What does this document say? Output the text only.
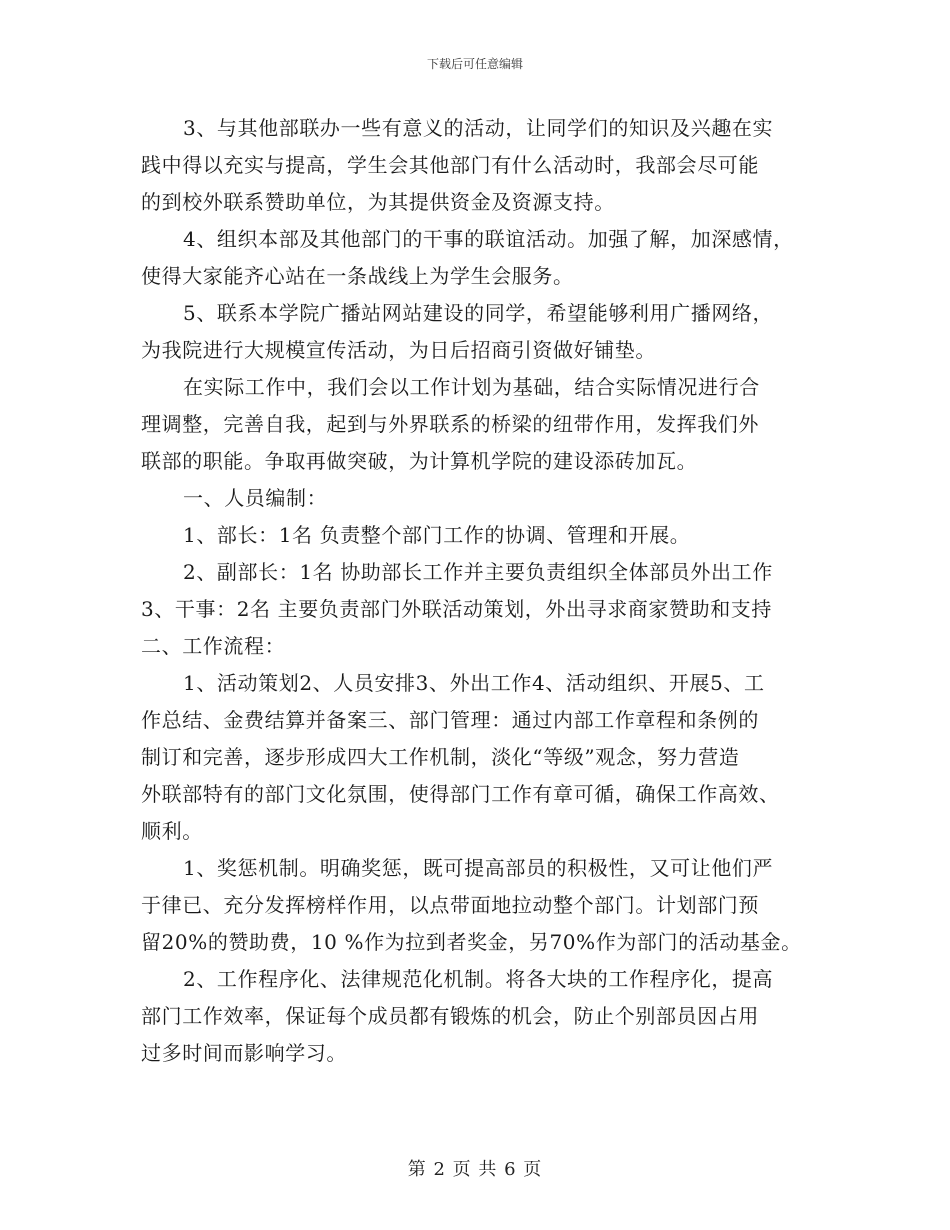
下载后可任意编辑
3、与其他部联办一些有意义的活动，让同学们的知识及兴趣在实
践中得以充实与提高，学生会其他部门有什么活动时，我部会尽可能
的到校外联系赞助单位，为其提供资金及资源支持。
4、组织本部及其他部门的干事的联谊活动。加强了解，加深感情，
使得大家能齐心站在一条战线上为学生会服务。
5、联系本学院广播站网站建设的同学，希望能够利用广播网络，
为我院进行大规模宣传活动，为日后招商引资做好铺垫。
在实际工作中，我们会以工作计划为基础，结合实际情况进行合
理调整，完善自我，起到与外界联系的桥梁的纽带作用，发挥我们外
联部的职能。争取再做突破，为计算机学院的建设添砖加瓦。
一、人员编制：
1、部长：1名 负责整个部门工作的协调、管理和开展。
2、副部长：1名 协助部长工作并主要负责组织全体部员外出工作
3、干事：2名 主要负责部门外联活动策划，外出寻求商家赞助和支持
二、工作流程：
1、活动策划2、人员安排3、外出工作4、活动组织、开展5、工
作总结、金费结算并备案三、部门管理：通过内部工作章程和条例的
制订和完善，逐步形成四大工作机制，淡化“等级”观念，努力营造
外联部特有的部门文化氛围，使得部门工作有章可循，确保工作高效、
顺利。
1、奖惩机制。明确奖惩，既可提高部员的积极性，又可让他们严
于律已、充分发挥榜样作用，以点带面地拉动整个部门。计划部门预
留20%的赞助费，10 %作为拉到者奖金，另70%作为部门的活动基金。
2、工作程序化、法律规范化机制。将各大块的工作程序化，提高
部门工作效率，保证每个成员都有锻炼的机会，防止个别部员因占用
过多时间而影响学习。
第 2 页 共 6 页
